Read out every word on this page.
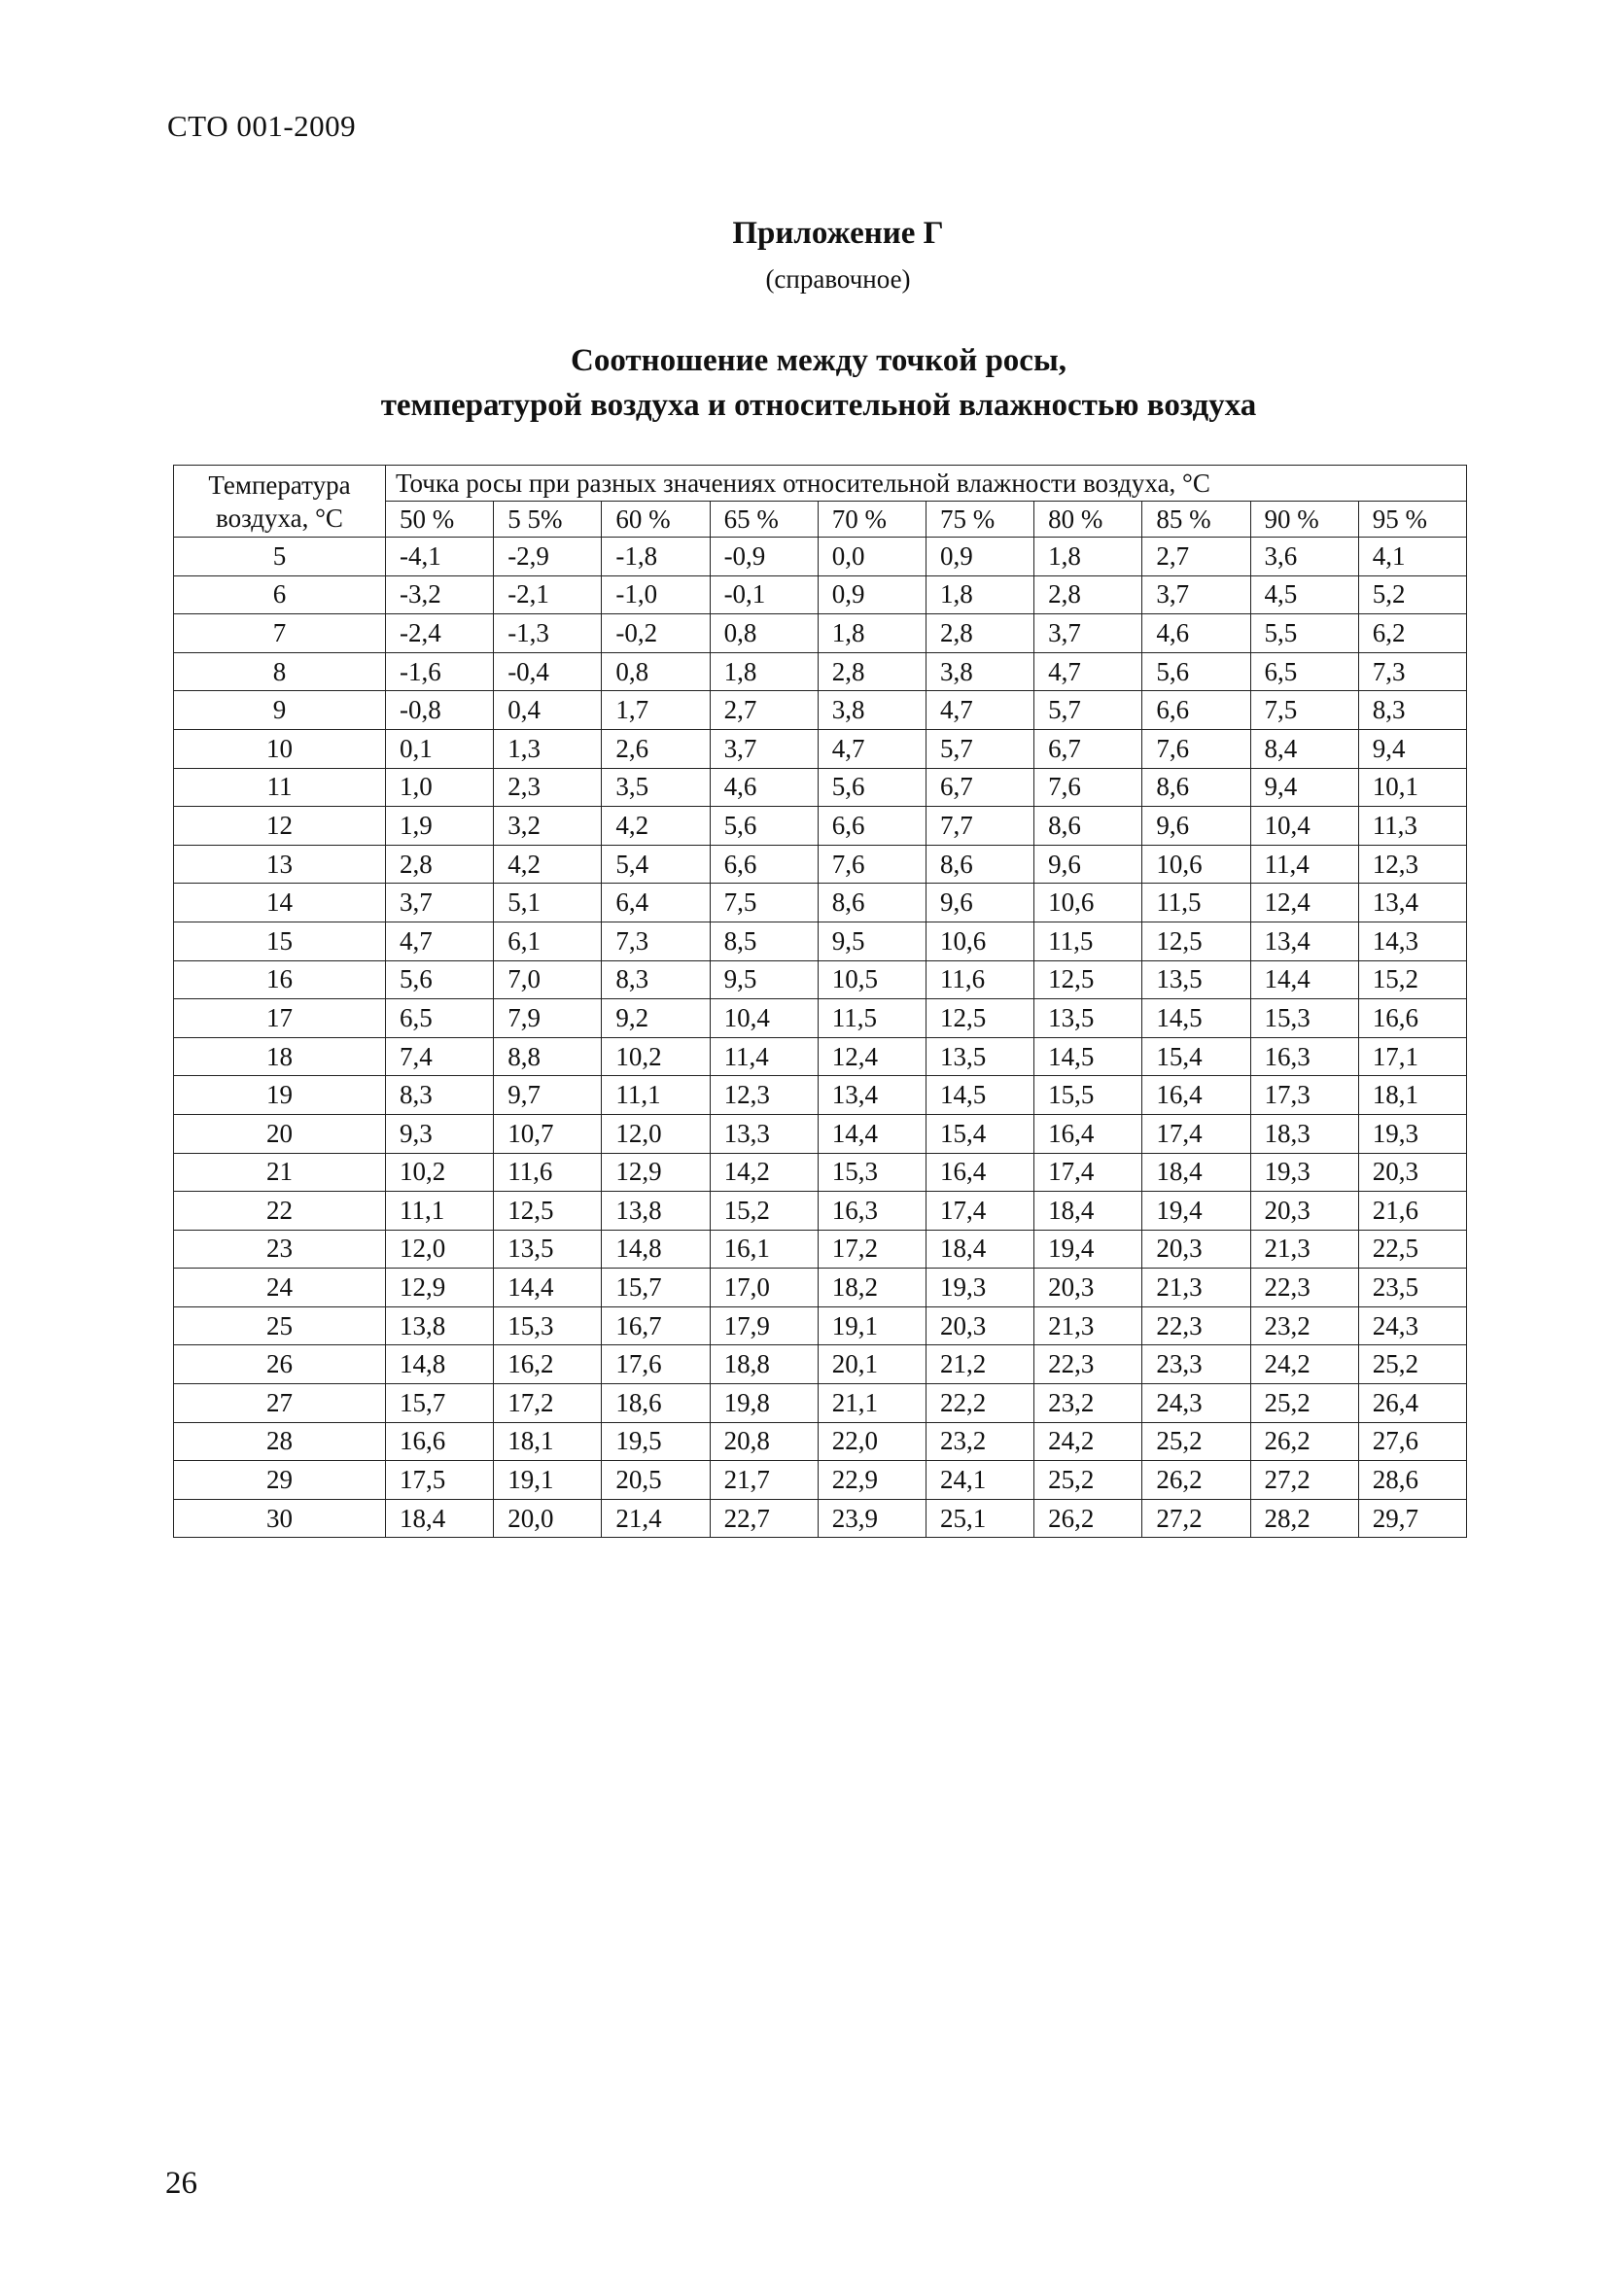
СТО 001-2009
Приложение Г
(справочное)
Соотношение между точкой росы,
температурой воздуха и относительной влажностью воздуха
Температура
воздуха, °С	Точка росы при разных значениях относительной влажности воздуха, °С									
	50 %	5 5%	60 %	65 %	70 %	75 %	80 %	85 %	90 %	95 %
5	-4,1	-2,9	-1,8	-0,9	0,0	0,9	1,8	2,7	3,6	4,1
6	-3,2	-2,1	-1,0	-0,1	0,9	1,8	2,8	3,7	4,5	5,2
7	-2,4	-1,3	-0,2	0,8	1,8	2,8	3,7	4,6	5,5	6,2
8	-1,6	-0,4	0,8	1,8	2,8	3,8	4,7	5,6	6,5	7,3
9	-0,8	0,4	1,7	2,7	3,8	4,7	5,7	6,6	7,5	8,3
10	0,1	1,3	2,6	3,7	4,7	5,7	6,7	7,6	8,4	9,4
11	1,0	2,3	3,5	4,6	5,6	6,7	7,6	8,6	9,4	10,1
12	1,9	3,2	4,2	5,6	6,6	7,7	8,6	9,6	10,4	11,3
13	2,8	4,2	5,4	6,6	7,6	8,6	9,6	10,6	11,4	12,3
14	3,7	5,1	6,4	7,5	8,6	9,6	10,6	11,5	12,4	13,4
15	4,7	6,1	7,3	8,5	9,5	10,6	11,5	12,5	13,4	14,3
16	5,6	7,0	8,3	9,5	10,5	11,6	12,5	13,5	14,4	15,2
17	6,5	7,9	9,2	10,4	11,5	12,5	13,5	14,5	15,3	16,6
18	7,4	8,8	10,2	11,4	12,4	13,5	14,5	15,4	16,3	17,1
19	8,3	9,7	11,1	12,3	13,4	14,5	15,5	16,4	17,3	18,1
20	9,3	10,7	12,0	13,3	14,4	15,4	16,4	17,4	18,3	19,3
21	10,2	11,6	12,9	14,2	15,3	16,4	17,4	18,4	19,3	20,3
22	11,1	12,5	13,8	15,2	16,3	17,4	18,4	19,4	20,3	21,6
23	12,0	13,5	14,8	16,1	17,2	18,4	19,4	20,3	21,3	22,5
24	12,9	14,4	15,7	17,0	18,2	19,3	20,3	21,3	22,3	23,5
25	13,8	15,3	16,7	17,9	19,1	20,3	21,3	22,3	23,2	24,3
26	14,8	16,2	17,6	18,8	20,1	21,2	22,3	23,3	24,2	25,2
27	15,7	17,2	18,6	19,8	21,1	22,2	23,2	24,3	25,2	26,4
28	16,6	18,1	19,5	20,8	22,0	23,2	24,2	25,2	26,2	27,6
29	17,5	19,1	20,5	21,7	22,9	24,1	25,2	26,2	27,2	28,6
30	18,4	20,0	21,4	22,7	23,9	25,1	26,2	27,2	28,2	29,7
26
